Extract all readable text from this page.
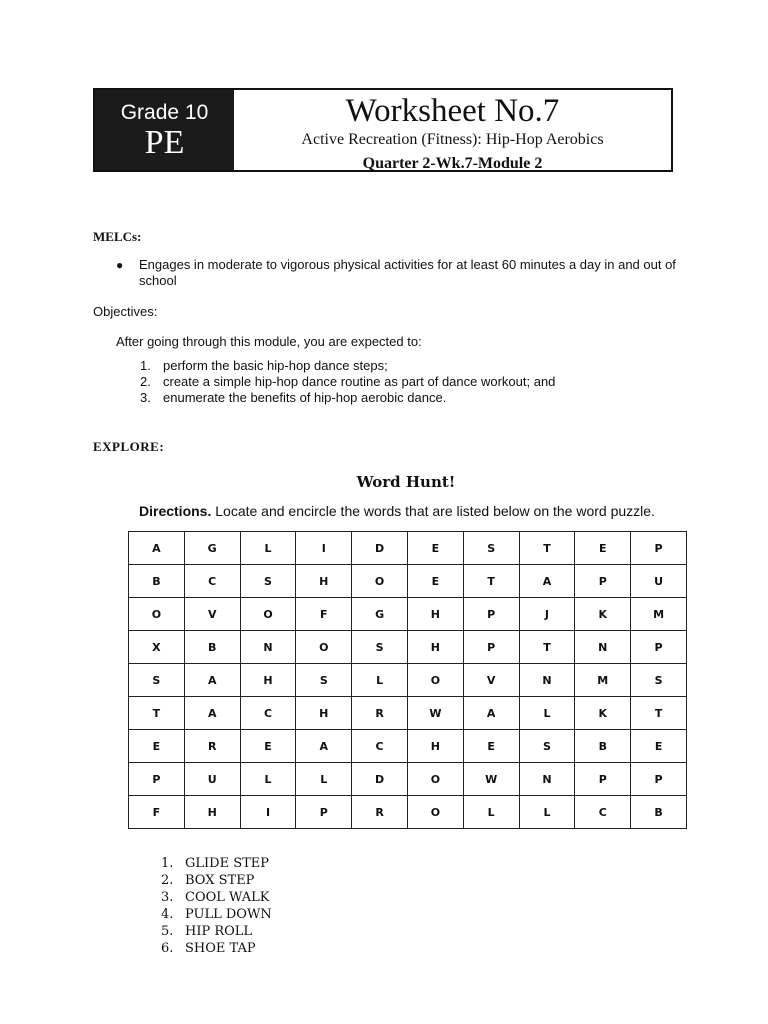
Grade 10
PE
Worksheet No.7
Active Recreation (Fitness): Hip-Hop Aerobics
Quarter 2-Wk.7-Module 2
MELCs:
●	Engages in moderate to vigorous physical activities for at least 60 minutes a day in and out of school
Objectives:
After going through this module, you are expected to:
1. perform the basic hip-hop dance steps;
2. create a simple hip-hop dance routine as part of dance workout; and
3. enumerate the benefits of hip-hop aerobic dance.
EXPLORE:
Word Hunt!
Directions. Locate and encircle the words that are listed below on the word puzzle.
A	G	L	I	D	E	S	T	E	P
B	C	S	H	O	E	T	A	P	U
O	V	O	F	G	H	P	J	K	M
X	B	N	O	S	H	P	T	N	P
S	A	H	S	L	O	V	N	M	S
T	A	C	H	R	W	A	L	K	T
E	R	E	A	C	H	E	S	B	E
P	U	L	L	D	O	W	N	P	P
F	H	I	P	R	O	L	L	C	B
1. GLIDE STEP
2. BOX STEP
3. COOL WALK
4. PULL DOWN
5. HIP ROLL
6. SHOE TAP
